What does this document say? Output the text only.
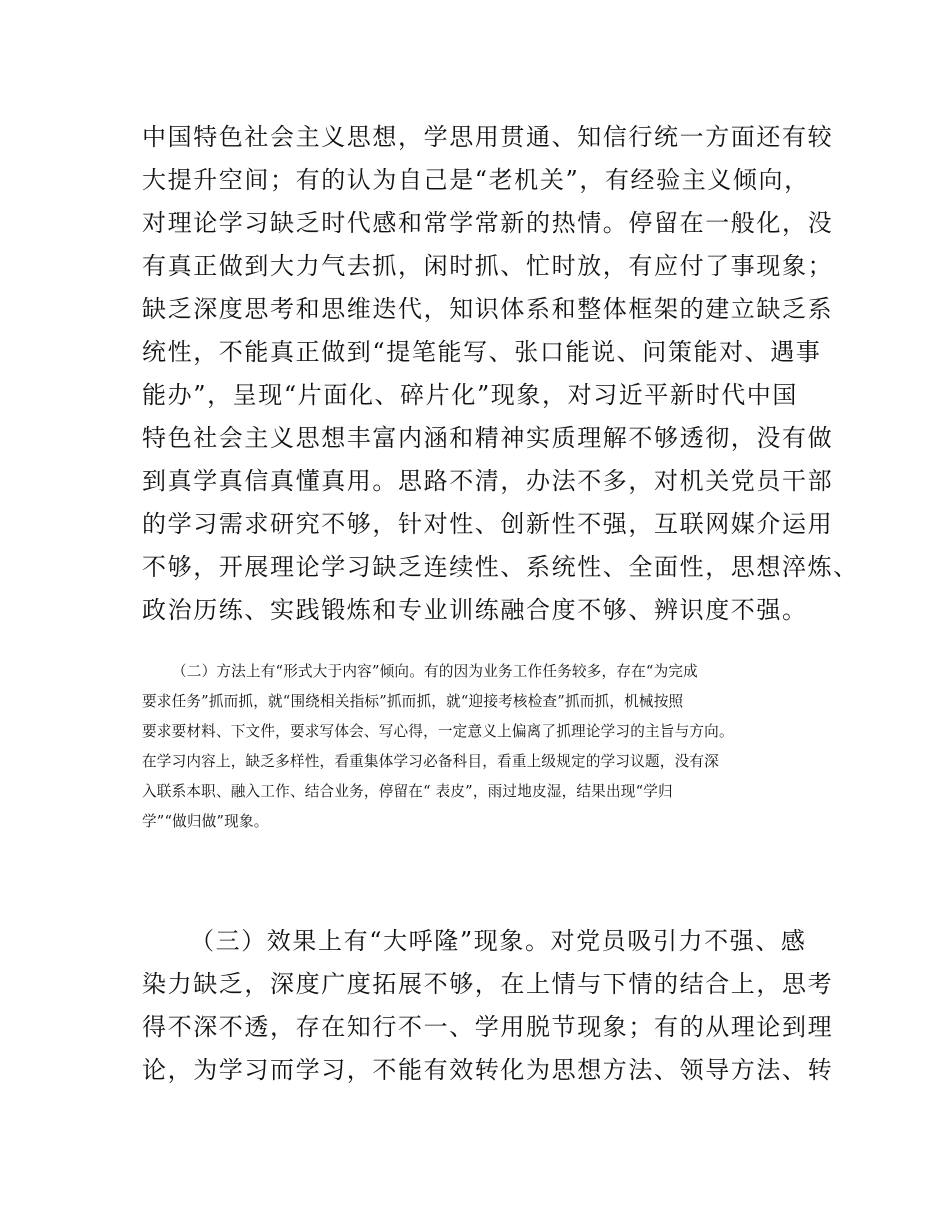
中国特色社会主义思想，学思用贯通、知信行统一方面还有较
大提升空间；有的认为自己是“老机关”，有经验主义倾向，
对理论学习缺乏时代感和常学常新的热情。停留在一般化，没
有真正做到大力气去抓，闲时抓、忙时放，有应付了事现象；
缺乏深度思考和思维迭代，知识体系和整体框架的建立缺乏系
统性，不能真正做到“提笔能写、张口能说、问策能对、遇事
能办”，呈现“片面化、碎片化”现象，对习近平新时代中国
特色社会主义思想丰富内涵和精神实质理解不够透彻，没有做
到真学真信真懂真用。思路不清，办法不多，对机关党员干部
的学习需求研究不够，针对性、创新性不强，互联网媒介运用
不够，开展理论学习缺乏连续性、系统性、全面性，思想淬炼、
政治历练、实践锻炼和专业训练融合度不够、辨识度不强。
（二）方法上有“形式大于内容”倾向。有的因为业务工作任务较多，存在“为完成
要求任务”抓而抓，就“围绕相关指标”抓而抓，就“迎接考核检查”抓而抓，机械按照
要求要材料、下文件，要求写体会、写心得，一定意义上偏离了抓理论学习的主旨与方向。
在学习内容上，缺乏多样性，看重集体学习必备科目，看重上级规定的学习议题，没有深
入联系本职、融入工作、结合业务，停留在“ 表皮”，雨过地皮湿，结果出现“学归
学”“做归做”现象。
（三）效果上有“大呼隆”现象。对党员吸引力不强、感
染力缺乏，深度广度拓展不够，在上情与下情的结合上，思考
得不深不透，存在知行不一、学用脱节现象；有的从理论到理
论，为学习而学习，不能有效转化为思想方法、领导方法、转
